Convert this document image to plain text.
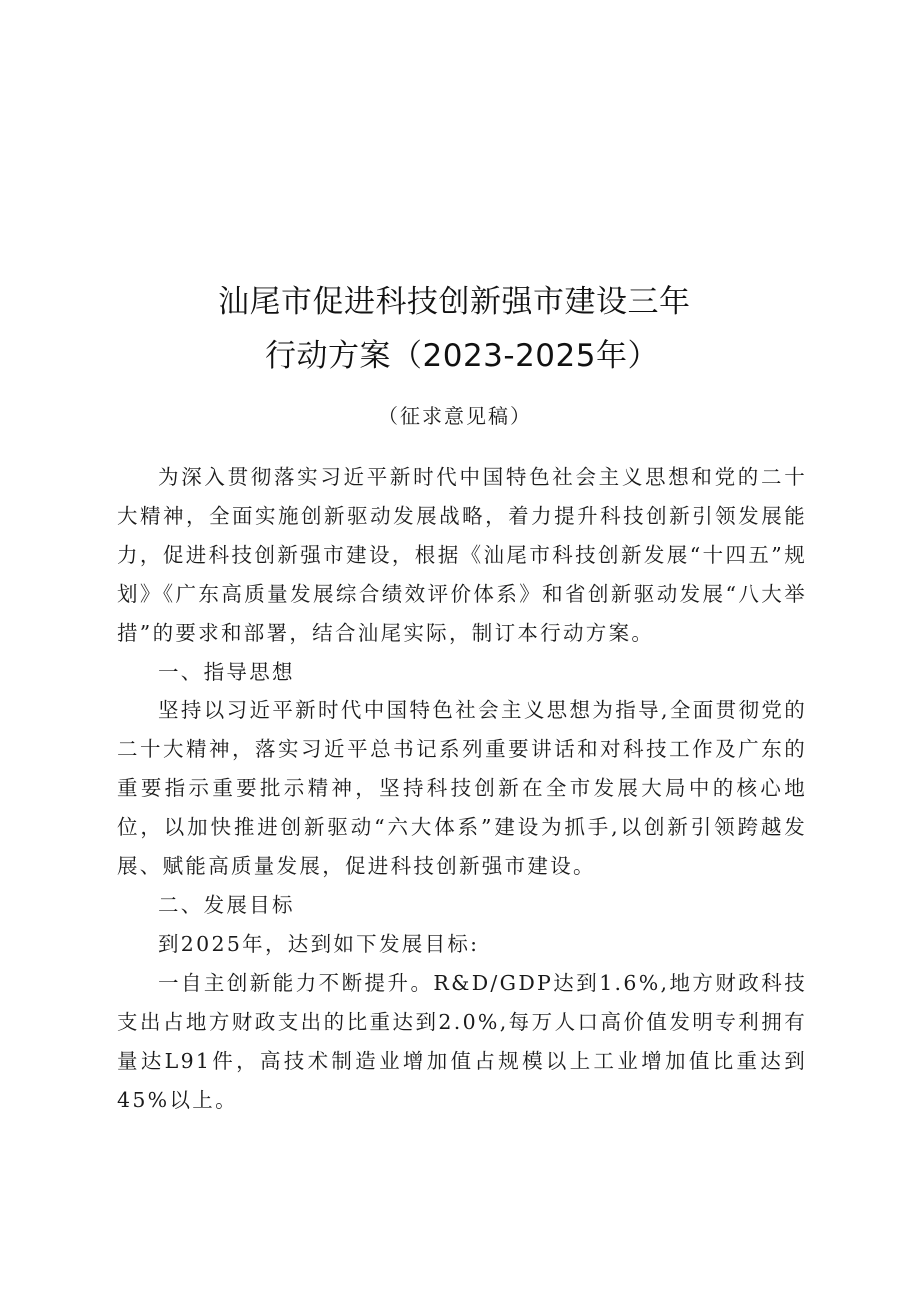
汕尾市促进科技创新强市建设三年
行动方案（2023-2025年）
（征求意见稿）

为深入贯彻落实习近平新时代中国特色社会主义思想和党的二十大精神，全面实施创新驱动发展战略，着力提升科技创新引领发展能力，促进科技创新强市建设，根据《汕尾市科技创新发展“十四五”规划》《广东高质量发展综合绩效评价体系》和省创新驱动发展“八大举措”的要求和部署，结合汕尾实际，制订本行动方案。

一、指导思想

坚持以习近平新时代中国特色社会主义思想为指导,全面贯彻党的二十大精神，落实习近平总书记系列重要讲话和对科技工作及广东的重要指示重要批示精神，坚持科技创新在全市发展大局中的核心地位，以加快推进创新驱动“六大体系”建设为抓手,以创新引领跨越发展、赋能高质量发展，促进科技创新强市建设。

二、发展目标

到2025年，达到如下发展目标:

一自主创新能力不断提升。R&D/GDP达到1.6%,地方财政科技支出占地方财政支出的比重达到2.0%,每万人口高价值发明专利拥有量达L91件，高技术制造业增加值占规模以上工业增加值比重达到45%以上。
